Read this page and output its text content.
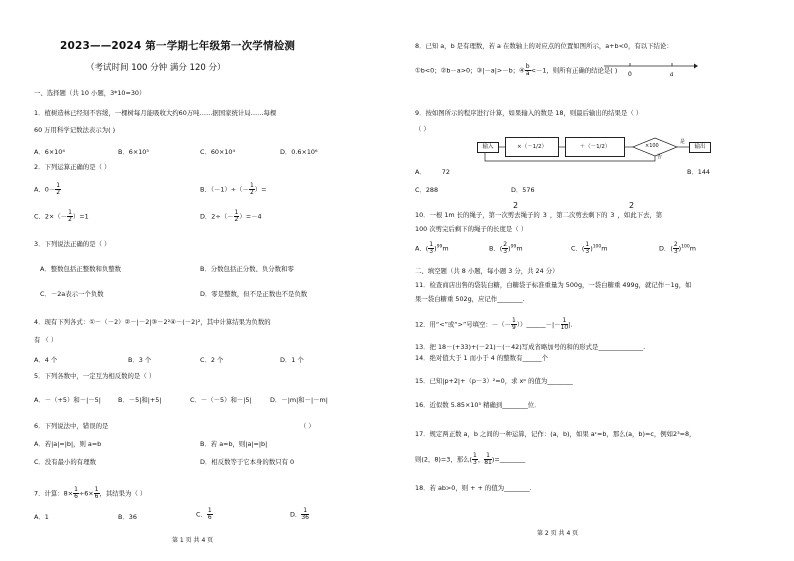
2023——2024 第一学期七年级第一次学情检测
（考试时间 100 分钟 满分 120 分）
一、选择题（共 10 小题，3*10=30）
1．植树造林已经刻不容缓，一棵树每月能吸收大约60万吨……据国家统计局……每棵
60 万用科学记数法表示为( )
A．6×10⁴	B．6×10⁵	C．60×10⁴	D．0.6×10⁶
2．下列运算正确的是（ ）
A．$0- \frac{1}{2}$	B．$(-1)\div(- \frac{1}{2}$ ）=
C．$2\times(- \frac{1}{2} )=1$	D．$2\div(- \frac{1}{2} )=-4$
3．下列说法正确的是（ ）
A．整数包括正整数和负整数	B．分数包括正分数、负分数和零
C．－2a表示一个负数	D．零是整数，但不是正数也不是负数
4．现有下列各式：①－（－2）②－|－2|③－2²④－(－2)²，其中计算结果为负数的
有 （ ）
A．4 个	B．3 个	C．2 个	D．1 个
5．下列各数中，一定互为相反数的是（ ）
A．－（+5）和－|－5|	B．－5|和|+5|	C．－（－5）和－|5|	D．－|m|和－|－m|
6．下列说法中，错误的是	（ ）
A．若|a|=|b|，则 a=b	B．若 a=b，则|a|=|b|
C．没有最小的有理数	D．相反数等于它本身的数只有 0
7．计算：$8\times \frac{1}{6} \div 6\times \frac{1}{6}$ ，其结果为（ ）
A．1	B．36	C． $\frac{1}{6}$	D． $\frac{1}{36}$
第 1 页 共 4 页
8．已知 a，b 是有理数，若 a 在数轴上的对应点的位置如图所示，a+b<0，有以下结论：
①b<0；②b－a>0；③|－a|>－b；④ $\frac{b}{a} <-1$，则所有正确的结论是( ) 0	a
9．按如图所示的程序进行计算，如果输入的数是 18，则最后输出的结果是（ ）
（ ）
输入	×（－1/2）	＋（－1/2）	×100
是
否
输出
A．	72	B．144
C．288	D．576
2	2
10．一根 1m 长的绳子，第一次剪去绳子的 3 ，第二次剪去剩下的 3 ，如此下去，第
100 次剪完后剩下的绳子的长度是（ ）
A．( $\frac{1}{3} )^{99}m$	B．( $\frac{2}{3} )^{99}m$	C．( $\frac{1}{3} )^{100}m$	D．( $\frac{2}{3} )^{100}m$
二、填空题（共 8 小题，每小题 3 分，共 24 分）
11．检查商店出售的袋装白糖，白糖袋子标准重量为 500g，一袋白糖重 499g，就记作－1g，如
果一袋白糖重 502g，应记作________.
12．用“<”或“>”号填空：－（－ $\frac{1}{9}$ ））______－|－ $\frac{1}{10}$ |.
13．把 18－(+33)+(－21)－(－42)写成省略加号的和的形式是______________.
14．绝对值大于 1 而小于 4 的整数有______个
15．已知|p+2|+（p－3）²=0，求 xᵖ 的值为________
16．近似数 5.85×10⁵ 精确到________位．
17．规定两正数 a，b 之间的一种运算，记作：(a，b)，如果 aᶜ=b，那么(a，b)=c，例如2³=8，
则(2，8)=3，那么( $\frac{1}{3}$ ， $\frac{1}{81}$ )=________
18．若 ab>0，则 + + 的值为________.
第 2 页 共 4 页
